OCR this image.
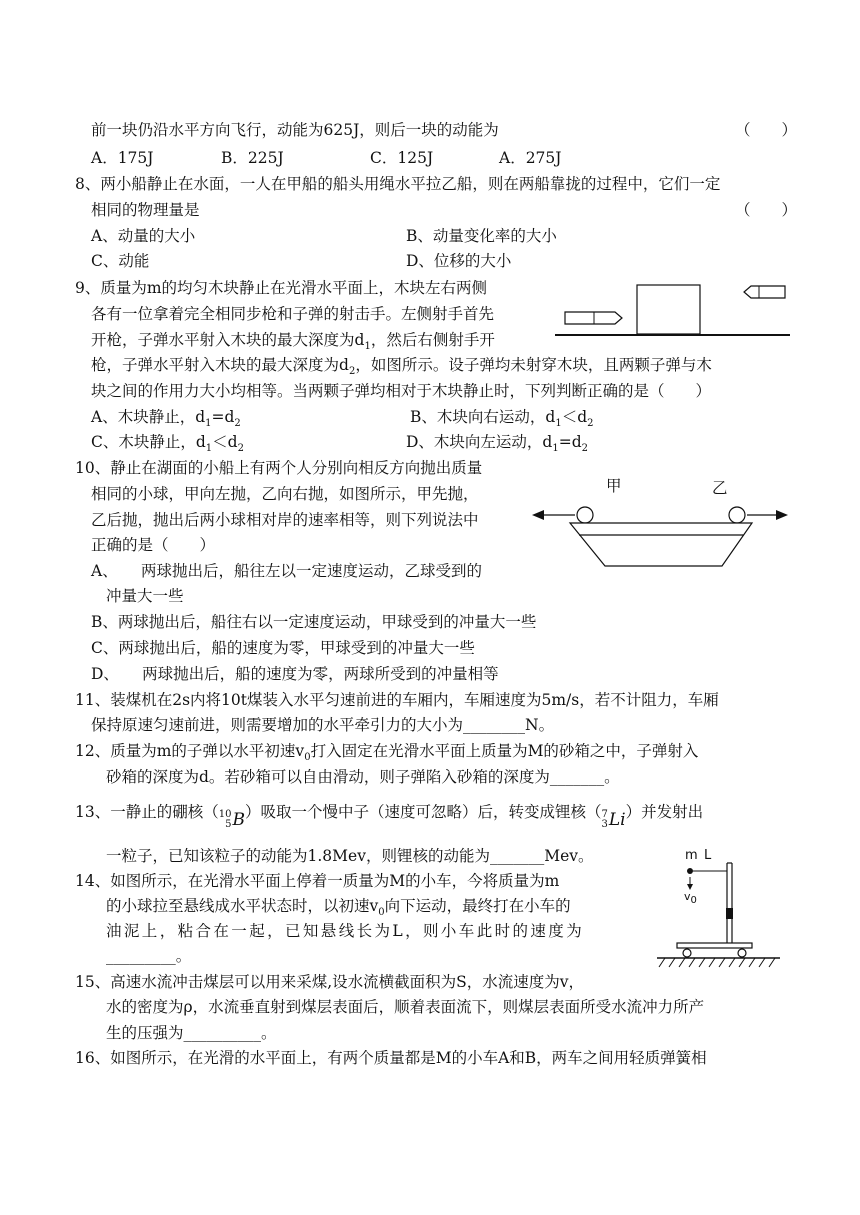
前一块仍沿水平方向飞行，动能为625J，则后一块的动能为	（　　）
A．175J	B．225J	C．125J	A．275J
8、两小船静止在水面，一人在甲船的船头用绳水平拉乙船，则在两船靠拢的过程中，它们一定
相同的物理量是	（　　）
A、动量的大小	B、动量变化率的大小
C、动能	D、位移的大小
9、质量为m的均匀木块静止在光滑水平面上，木块左右两侧
各有一位拿着完全相同步枪和子弹的射击手。左侧射手首先
开枪，子弹水平射入木块的最大深度为$d_1$，然后右侧射手开
枪，子弹水平射入木块的最大深度为$d_2$，如图所示。设子弹均未射穿木块，且两颗子弹与木
块之间的作用力大小均相等。当两颗子弹均相对于木块静止时，下列判断正确的是（　　）
A、木块静止，$d_1=d_2$	B、木块向右运动，$d_1<d_2$
C、木块静止，$d_1<d_2$	D、木块向左运动，$d_1=d_2$
10、静止在湖面的小船上有两个人分别向相反方向抛出质量
相同的小球，甲向左抛，乙向右抛，如图所示，甲先抛，
乙后抛，抛出后两小球相对岸的速率相等，则下列说法中
正确的是（　　）
A、　　两球抛出后，船往左以一定速度运动，乙球受到的
冲量大一些
B、两球抛出后，船往右以一定速度运动，甲球受到的冲量大一些
C、两球抛出后，船的速度为零，甲球受到的冲量大一些
D、　　两球抛出后，船的速度为零，两球所受到的冲量相等
甲	乙
11、装煤机在2s内将10t煤装入水平匀速前进的车厢内，车厢速度为5m/s，若不计阻力，车厢
保持原速匀速前进，则需要增加的水平牵引力的大小为________N。
12、质量为m的子弹以水平初速$v_0$打入固定在光滑水平面上质量为M的砂箱之中，子弹射入
砂箱的深度为d。若砂箱可以自由滑动，则子弹陷入砂箱的深度为_______。
13、一静止的硼核（ 10
5 B ）吸取一个慢中子（速度可忽略）后，转变成锂核（ 7
3 Li ）并发射出
一粒子，已知该粒子的动能为1.8Mev，则锂核的动能为_______Mev。
14、如图所示，在光滑水平面上停着一质量为M的小车，今将质量为m
的小球拉至悬线成水平状态时，以初速$v_0$向下运动，最终打在小车的
油泥上，粘合在一起，已知悬线长为L，则小车此时的速度为
_________。
m L
$v_0$
15、高速水流冲击煤层可以用来采煤,设水流横截面积为S，水流速度为v，
水的密度为ρ，水流垂直射到煤层表面后，顺着表面流下，则煤层表面所受水流冲力所产
生的压强为__________。
16、如图所示，在光滑的水平面上，有两个质量都是M的小车A和B，两车之间用轻质弹簧相
